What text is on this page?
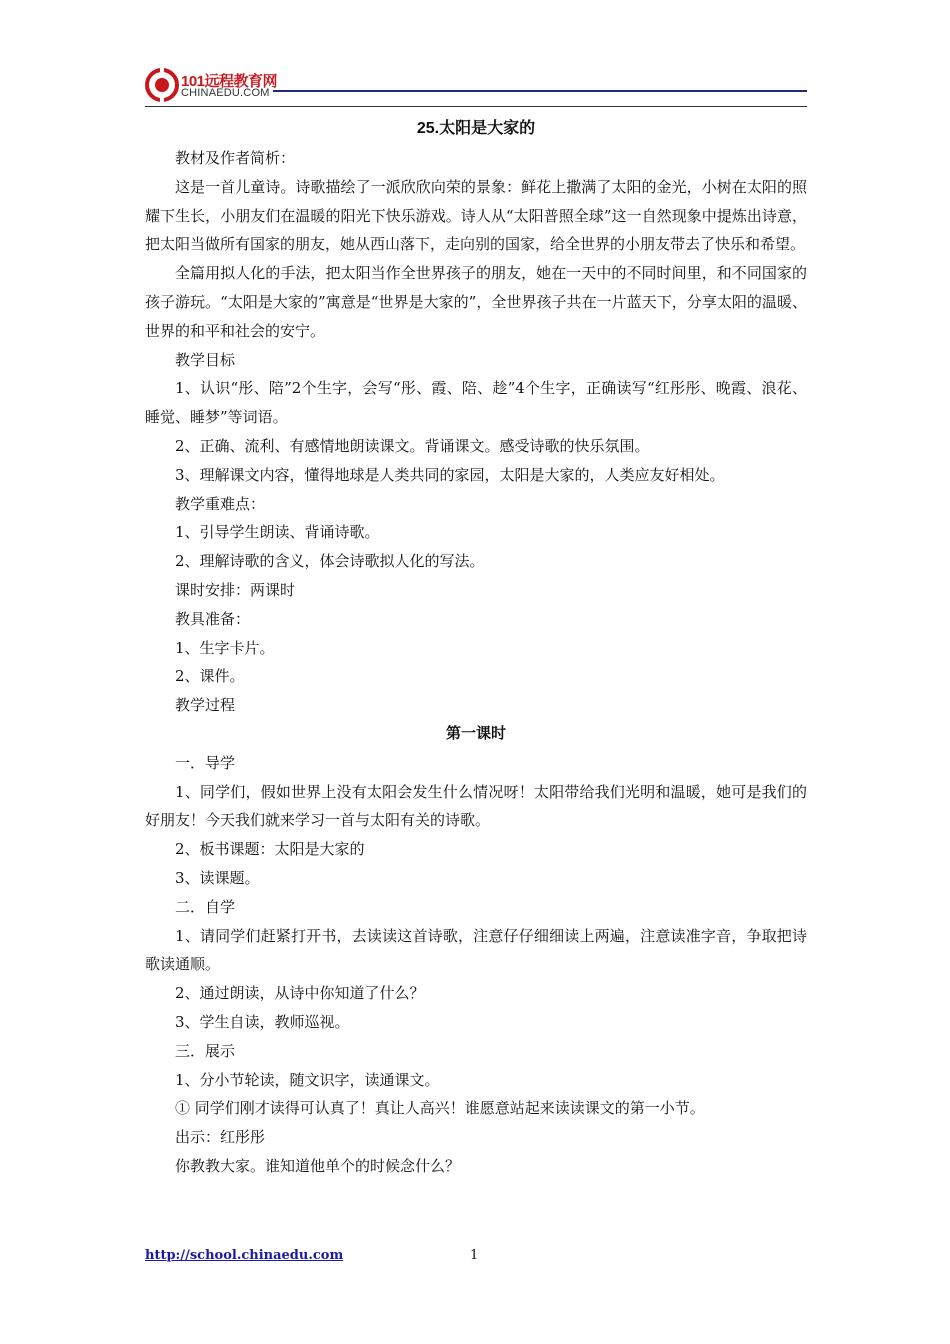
101远程教育网
CHINAEDU.COM
25.太阳是大家的

教材及作者简析：

这是一首儿童诗。诗歌描绘了一派欣欣向荣的景象：鲜花上撒满了太阳的金光，小树在太阳的照耀下生长，小朋友们在温暖的阳光下快乐游戏。诗人从“太阳普照全球”这一自然现象中提炼出诗意，把太阳当做所有国家的朋友，她从西山落下，走向别的国家，给全世界的小朋友带去了快乐和希望。

全篇用拟人化的手法，把太阳当作全世界孩子的朋友，她在一天中的不同时间里，和不同国家的孩子游玩。“太阳是大家的”寓意是“世界是大家的”，全世界孩子共在一片蓝天下，分享太阳的温暖、世界的和平和社会的安宁。

教学目标

1、认识“彤、陪”2个生字，会写“彤、霞、陪、趁”4个生字，正确读写“红彤彤、晚霞、浪花、睡觉、睡梦”等词语。

2、正确、流利、有感情地朗读课文。背诵课文。感受诗歌的快乐氛围。

3、理解课文内容，懂得地球是人类共同的家园，太阳是大家的，人类应友好相处。

教学重难点：

1、引导学生朗读、背诵诗歌。

2、理解诗歌的含义，体会诗歌拟人化的写法。

课时安排：两课时

教具准备：

1、生字卡片。

2、课件。

教学过程

第一课时

一．导学

1、同学们，假如世界上没有太阳会发生什么情况呀！太阳带给我们光明和温暖，她可是我们的好朋友！今天我们就来学习一首与太阳有关的诗歌。

2、板书课题：太阳是大家的

3、读课题。

二．自学

1、请同学们赶紧打开书，去读读这首诗歌，注意仔仔细细读上两遍，注意读准字音，争取把诗歌读通顺。

2、通过朗读，从诗中你知道了什么？

3、学生自读，教师巡视。

三．展示

1、分小节轮读，随文识字，读通课文。

① 同学们刚才读得可认真了！真让人高兴！谁愿意站起来读读课文的第一小节。

出示：红彤彤

你教教大家。谁知道他单个的时候念什么？

http://school.chinaedu.com	1
